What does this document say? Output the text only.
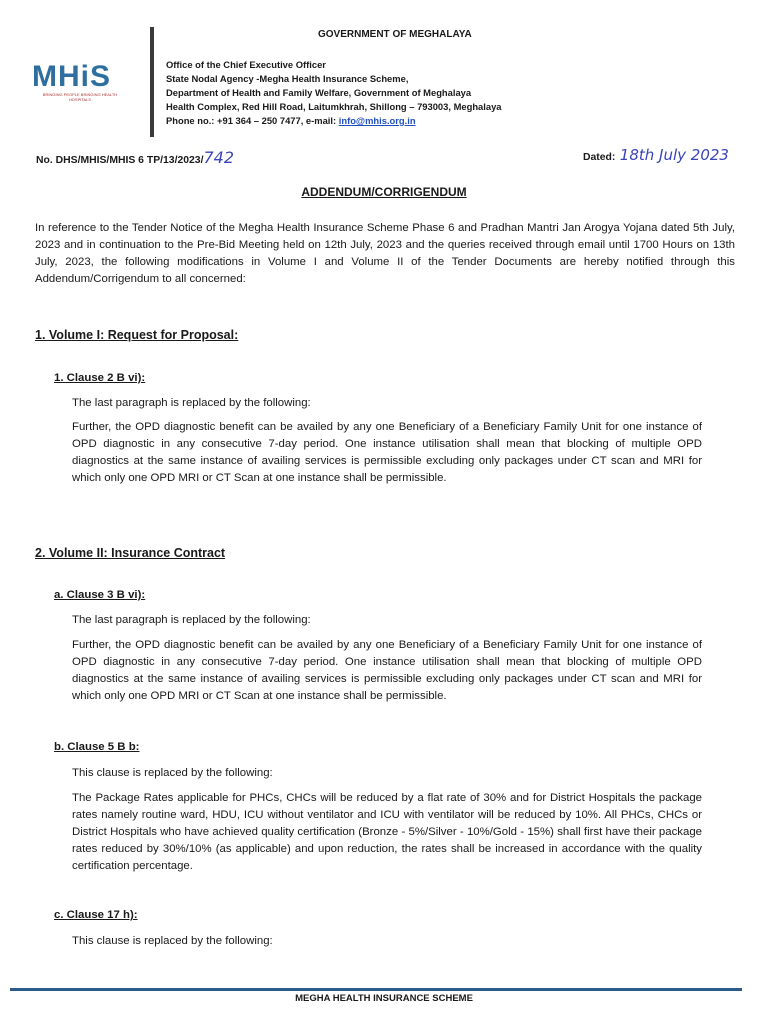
GOVERNMENT OF MEGHALAYA
MHiS
BRINGING PEOPLE BRINGING HEALTH HOSPITALS
Office of the Chief Executive Officer
State Nodal Agency -Megha Health Insurance Scheme,
Department of Health and Family Welfare, Government of Meghalaya
Health Complex, Red Hill Road, Laitumkhrah, Shillong – 793003, Meghalaya
Phone no.: +91 364 – 250 7477, e-mail: info@mhis.org.in
No. DHS/MHIS/MHIS 6 TP/13/2023/742	Dated: 18th July 2023
ADDENDUM/CORRIGENDUM
In reference to the Tender Notice of the Megha Health Insurance Scheme Phase 6 and Pradhan Mantri Jan Arogya Yojana dated 5th July, 2023 and in continuation to the Pre-Bid Meeting held on 12th July, 2023 and the queries received through email until 1700 Hours on 13th July, 2023, the following modifications in Volume I and Volume II of the Tender Documents are hereby notified through this Addendum/Corrigendum to all concerned:
1. Volume I: Request for Proposal:
1. Clause 2 B vi):
The last paragraph is replaced by the following:
Further, the OPD diagnostic benefit can be availed by any one Beneficiary of a Beneficiary Family Unit for one instance of OPD diagnostic in any consecutive 7-day period. One instance utilisation shall mean that blocking of multiple OPD diagnostics at the same instance of availing services is permissible excluding only packages under CT scan and MRI for which only one OPD MRI or CT Scan at one instance shall be permissible.
2. Volume II: Insurance Contract
a. Clause 3 B vi):
The last paragraph is replaced by the following:
Further, the OPD diagnostic benefit can be availed by any one Beneficiary of a Beneficiary Family Unit for one instance of OPD diagnostic in any consecutive 7-day period. One instance utilisation shall mean that blocking of multiple OPD diagnostics at the same instance of availing services is permissible excluding only packages under CT scan and MRI for which only one OPD MRI or CT Scan at one instance shall be permissible.
b. Clause 5 B b:
This clause is replaced by the following:
The Package Rates applicable for PHCs, CHCs will be reduced by a flat rate of 30% and for District Hospitals the package rates namely routine ward, HDU, ICU without ventilator and ICU with ventilator will be reduced by 10%. All PHCs, CHCs or District Hospitals who have achieved quality certification (Bronze - 5%/Silver - 10%/Gold - 15%) shall first have their package rates reduced by 30%/10% (as applicable) and upon reduction, the rates shall be increased in accordance with the quality certification percentage.
c. Clause 17 h):
This clause is replaced by the following:
MEGHA HEALTH INSURANCE SCHEME
